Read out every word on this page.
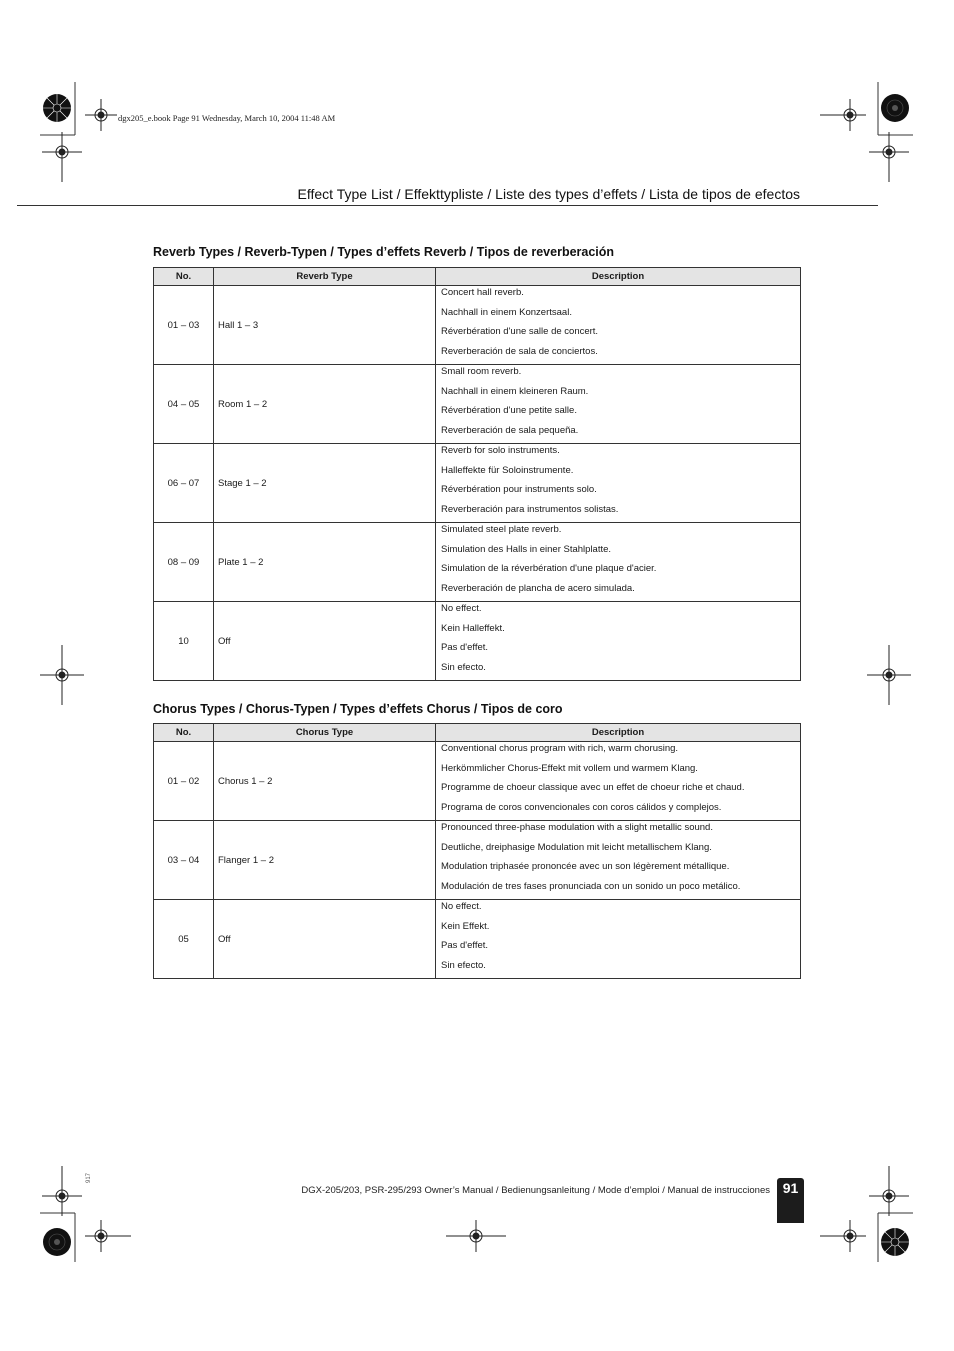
dgx205_e.book Page 91 Wednesday, March 10, 2004 11:48 AM
Effect Type List / Effekttypliste / Liste des types d’effets / Lista de tipos de efectos
Reverb Types / Reverb-Typen / Types d’effets Reverb / Tipos de reverberación
No.	Reverb Type	Description
01 – 03	Hall 1 – 3	Concert hall reverb.
Nachhall in einem Konzertsaal.
Réverbération d'une salle de concert.
Reverberación de sala de conciertos.

04 – 05	Room 1 – 2	Small room reverb.
Nachhall in einem kleineren Raum.
Réverbération d'une petite salle.
Reverberación de sala pequeña.

06 – 07	Stage 1 – 2	Reverb for solo instruments.
Halleffekte für Soloinstrumente.
Réverbération pour instruments solo.
Reverberación para instrumentos solistas.

08 – 09	Plate 1 – 2	Simulated steel plate reverb.
Simulation des Halls in einer Stahlplatte.
Simulation de la réverbération d'une plaque d'acier.
Reverberación de plancha de acero simulada.

10	Off	No effect.
Kein Halleffekt.
Pas d'effet.
Sin efecto.
Chorus Types / Chorus-Typen / Types d’effets Chorus / Tipos de coro
No.	Chorus Type	Description
01 – 02	Chorus 1 – 2	Conventional chorus program with rich, warm chorusing.
Herkömmlicher Chorus-Effekt mit vollem und warmem Klang.
Programme de choeur classique avec un effet de choeur riche et chaud.
Programa de coros convencionales con coros cálidos y complejos.

03 – 04	Flanger 1 – 2	Pronounced three-phase modulation with a slight metallic sound.
Deutliche, dreiphasige Modulation mit leicht metallischem Klang.
Modulation triphasée prononcée avec un son légèrement métallique.
Modulación de tres fases pronunciada con un sonido un poco metálico.

05	Off	No effect.
Kein Effekt.
Pas d'effet.
Sin efecto.
917
DGX-205/203, PSR-295/293 Owner’s Manual / Bedienungsanleitung / Mode d’emploi / Manual de instrucciones 91
